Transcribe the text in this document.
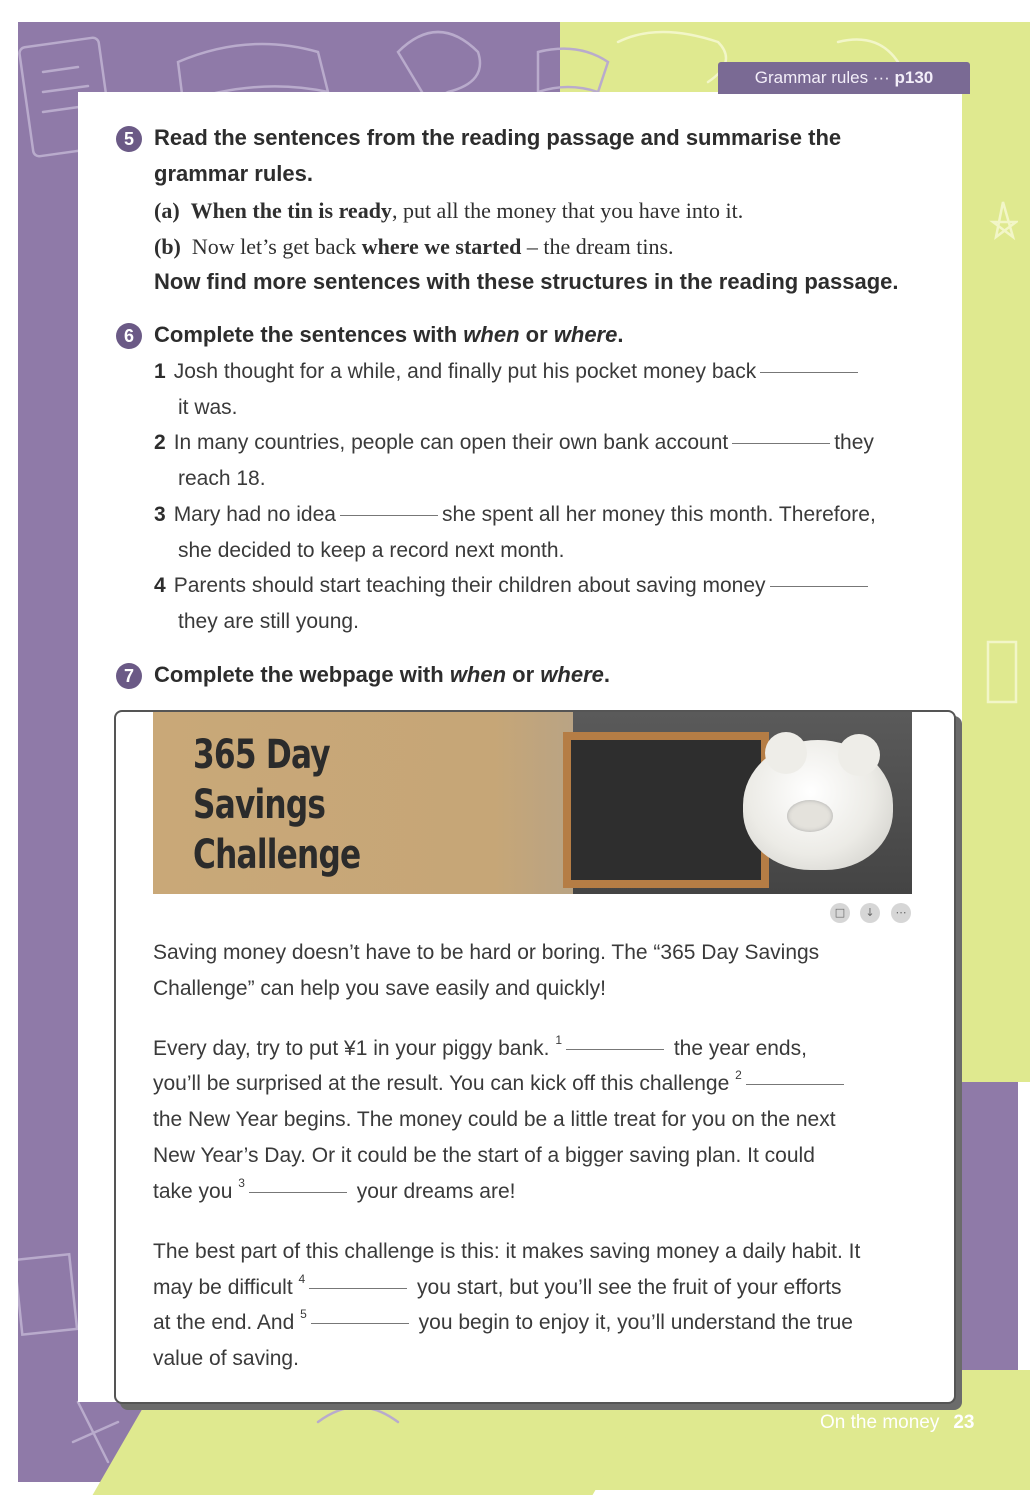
Grammar rules ··· p130
5 Read the sentences from the reading passage and summarise the
grammar rules.
(a) When the tin is ready, put all the money that you have into it.
(b) Now let’s get back where we started – the dream tins.
Now find more sentences with these structures in the reading passage.
6 Complete the sentences with when or where.
1 Josh thought for a while, and finally put his pocket money back
it was.
2 In many countries, people can open their own bank account	they
reach 18.
3 Mary had no idea	she spent all her money this month. Therefore,
she decided to keep a record next month.
4 Parents should start teaching their children about saving money
they are still young.
7 Complete the webpage with when or where.
365 Day
Savings
Challenge
□	↓	⋯
Saving money doesn’t have to be hard or boring. The “365 Day Savings
Challenge” can help you save easily and quickly!
Every day, try to put ¥1 in your piggy bank. $^1$	the year ends,
you’ll be surprised at the result. You can kick off this challenge $^2$
the New Year begins. The money could be a little treat for you on the next
New Year’s Day. Or it could be the start of a bigger saving plan. It could
take you $^3$	your dreams are!
The best part of this challenge is this: it makes saving money a daily habit. It
may be difficult $^4$	you start, but you’ll see the fruit of your efforts
at the end. And $^5$	you begin to enjoy it, you’ll understand the true
value of saving.
On the money 23
